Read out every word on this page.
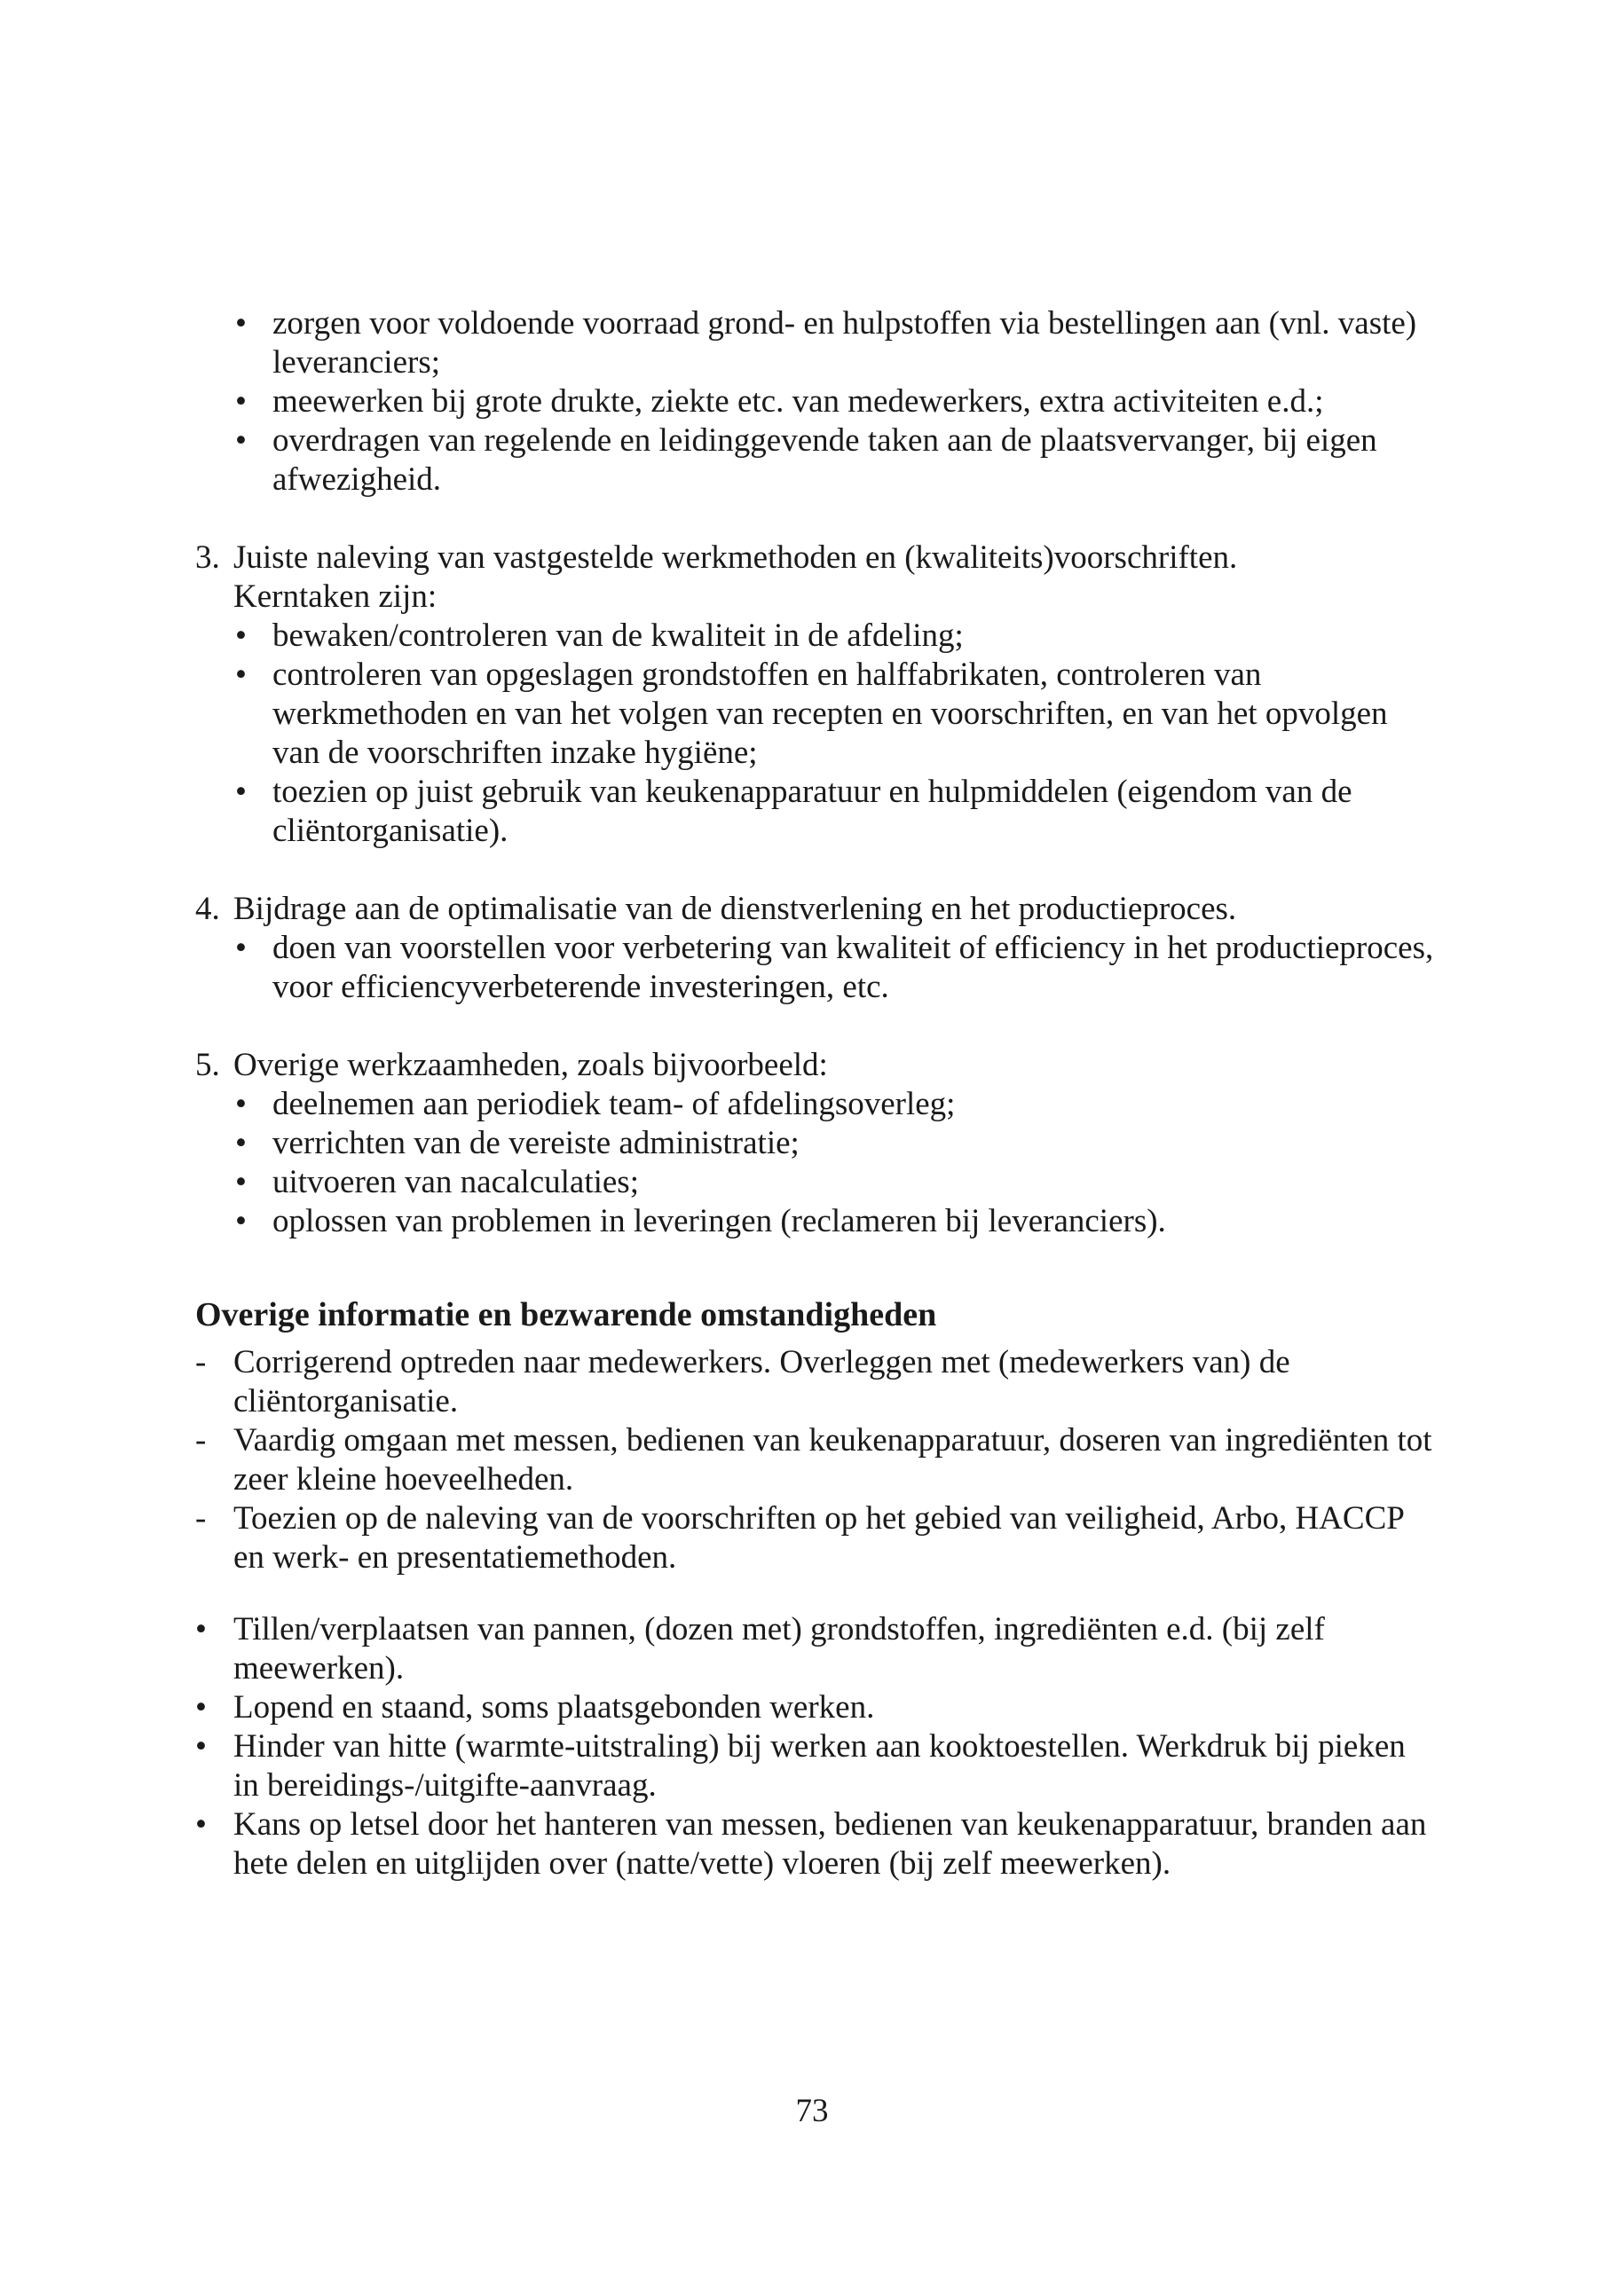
• zorgen voor voldoende voorraad grond- en hulpstoffen via bestellingen aan (vnl. vaste) leveranciers;
• meewerken bij grote drukte, ziekte etc. van medewerkers, extra activiteiten e.d.;
• overdragen van regelende en leidinggevende taken aan de plaatsvervanger, bij eigen afwezigheid.
3. Juiste naleving van vastgestelde werkmethoden en (kwaliteits)voorschriften.
Kerntaken zijn:
• bewaken/controleren van de kwaliteit in de afdeling;
• controleren van opgeslagen grondstoffen en halffabrikaten, controleren van werkmethoden en van het volgen van recepten en voorschriften, en van het opvolgen van de voorschriften inzake hygiëne;
• toezien op juist gebruik van keukenapparatuur en hulpmiddelen (eigendom van de cliëntorganisatie).
4. Bijdrage aan de optimalisatie van de dienstverlening en het productieproces.
• doen van voorstellen voor verbetering van kwaliteit of efficiency in het productieproces, voor efficiencyverbeterende investeringen, etc.
5. Overige werkzaamheden, zoals bijvoorbeeld:
• deelnemen aan periodiek team- of afdelingsoverleg;
• verrichten van de vereiste administratie;
• uitvoeren van nacalculaties;
• oplossen van problemen in leveringen (reclameren bij leveranciers).
Overige informatie en bezwarende omstandigheden
- Corrigerend optreden naar medewerkers. Overleggen met (medewerkers van) de cliëntorganisatie.
- Vaardig omgaan met messen, bedienen van keukenapparatuur, doseren van ingrediënten tot zeer kleine hoeveelheden.
- Toezien op de naleving van de voorschriften op het gebied van veiligheid, Arbo, HACCP en werk- en presentatiemethoden.
• Tillen/verplaatsen van pannen, (dozen met) grondstoffen, ingrediënten e.d. (bij zelf meewerken).
• Lopend en staand, soms plaatsgebonden werken.
• Hinder van hitte (warmte-uitstraling) bij werken aan kooktoestellen. Werkdruk bij pieken in bereidings-/uitgifte-aanvraag.
• Kans op letsel door het hanteren van messen, bedienen van keukenapparatuur, branden aan hete delen en uitglijden over (natte/vette) vloeren (bij zelf meewerken).
73
